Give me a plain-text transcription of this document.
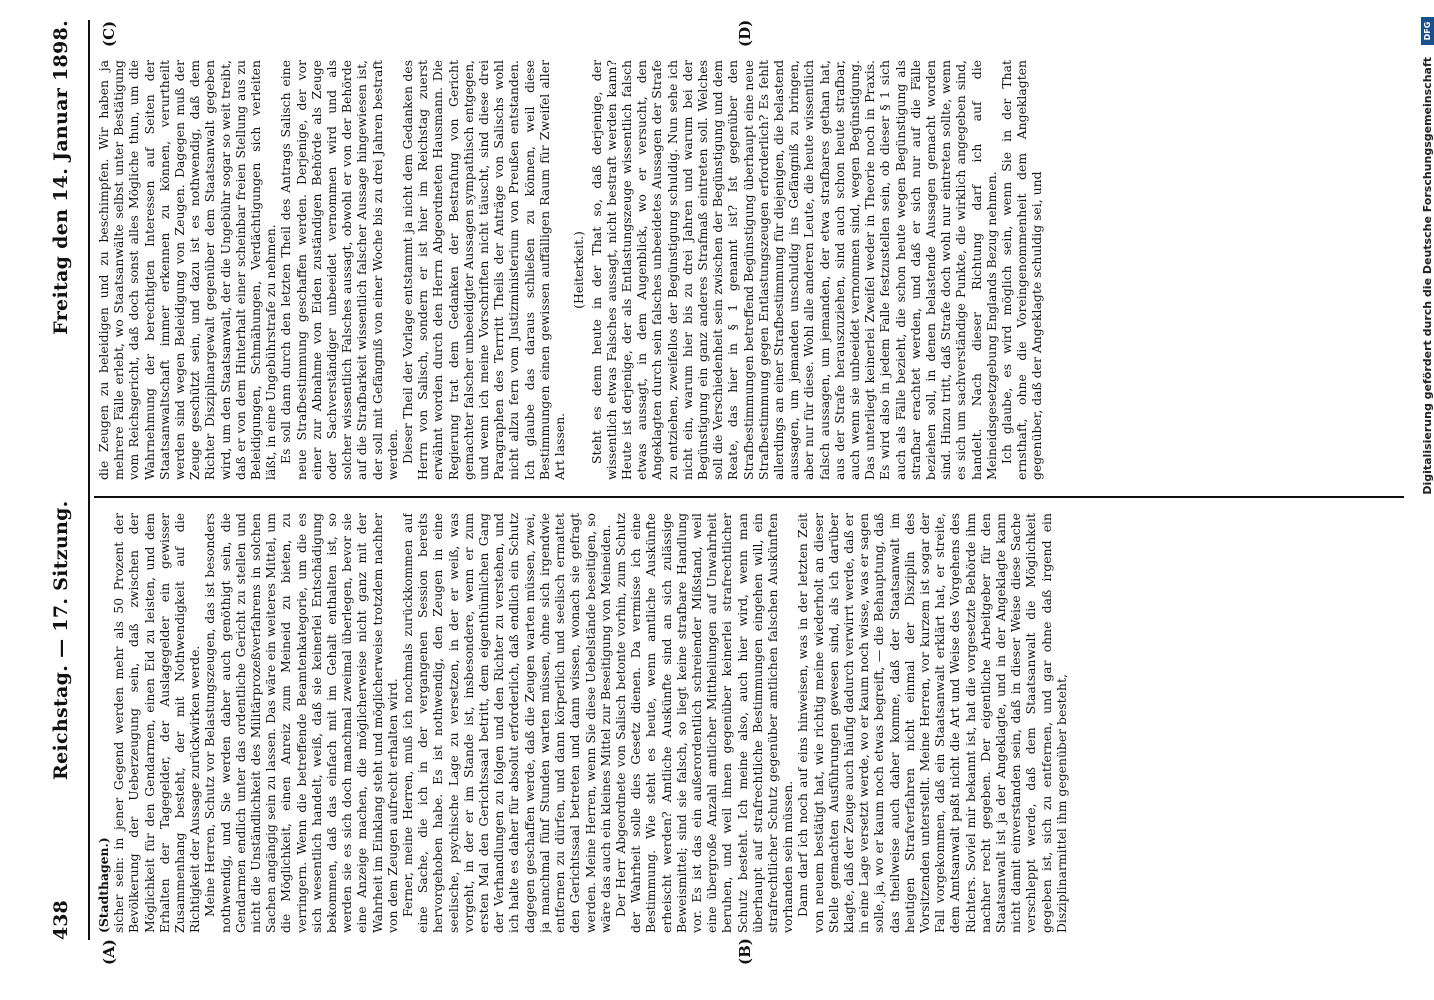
438
Reichstag. — 17. Sitzung.
Freitag den 14. Januar 1898.
(A)	(B)
(C)	(D)

(Stadthagen.) sicher sein: in jener Gegend werden mehr als 50 Prozent der Bevölkerung der Ueberzeugung sein, daß zwischen der Möglichkeit für den Gendarmen, einen Eid zu leisten, und dem Erhalten der Tagegelder, der Auslagegelder ein gewisser Zusammenhang besteht, der mit Nothwendigkeit auf die Richtigkeit der Aussage zurückwirken werde. Meine Herren, Schutz vor Belastungszeugen, das ist besonders nothwendig, und Sie werden daher auch genöthigt sein, die Gendarmen endlich unter das ordentliche Gericht zu stellen und nicht die Unständlichkeit des Militärprozeßverfahrens in solchen Sachen angängig sein zu lassen. Das wäre ein weiteres Mittel, um die Möglichkeit, einen Anreiz zum Meineid zu bieten, zu verringern. Wenn die betreffende Beamtenkategorie, um die es sich wesentlich handelt, weiß, daß sie keinerlei Entschädigung bekommen, daß das einfach mit im Gehalt enthalten ist, so werden sie es sich doch manchmal zweimal überlegen, bevor sie eine Anzeige machen, die möglicherweise nicht ganz mit der Wahrheit im Einklang steht und möglicherweise trotzdem nachher von dem Zeugen aufrecht erhalten wird. Ferner, meine Herren, muß ich nochmals zurückkommen auf eine Sache, die ich in der vergangenen Session bereits hervorgehoben habe. Es ist nothwendig, den Zeugen in eine seelische, psychische Lage zu versetzen, in der er weiß, was vorgeht, in der er im Stande ist, insbesondere, wenn er zum ersten Mal den Gerichtssaal betritt, dem eigenthümlichen Gang der Verhandlungen zu folgen und den Richter zu verstehen, und ich halte es daher für absolut erforderlich, daß endlich ein Schutz dagegen geschaffen werde, daß die Zeugen warten müssen, zwei, ja manchmal fünf Stunden warten müssen, ohne sich irgendwie entfernen zu dürfen, und dann körperlich und seelisch ermattet den Gerichtssaal betreten und dann wissen, wonach sie gefragt werden. Meine Herren, wenn Sie diese Uebelstände beseitigen, so wäre das auch ein kleines Mittel zur Beseitigung von Meineiden. Der Herr Abgeordnete von Salisch betonte vorhin, zum Schutz der Wahrheit solle dies Gesetz dienen. Da vermisse ich eine Bestimmung. Wie steht es heute, wenn amtliche Auskünfte erheischt werden? Amtliche Auskünfte sind an sich zulässige Beweismittel; sind sie falsch, so liegt keine strafbare Handlung vor. Es ist das ein außerordentlich schreiender Mißstand, weil eine übergroße Anzahl amtlicher Mittheilungen auf Unwahrheit beruhen, und weil ihnen gegenüber keinerlei strafrechtlicher Schutz besteht. Ich meine also, auch hier wird, wenn man überhaupt auf strafrechtliche Bestimmungen eingehen will, ein strafrechtlicher Schutz gegenüber amtlichen falschen Auskünften vorhanden sein müssen. Dann darf ich noch auf eins hinweisen, was in der letzten Zeit von neuem bestätigt hat, wie richtig meine wiederholt an dieser Stelle gemachten Ausführungen gewesen sind, als ich darüber klagte, daß der Zeuge auch häufig dadurch verwirrt werde, daß er in eine Lage versetzt werde, wo er kaum noch wisse, was er sagen solle, ja, wo er kaum noch etwas begreift, — die Behauptung, daß das theilweise auch daher komme, daß der Staatsanwalt im heutigen Strafverfahren nicht einmal der Disziplin des Vorsitzenden unterstellt. Meine Herren, vor kurzem ist sogar der Fall vorgekommen, daß ein Staatsanwalt erklärt hat, er streite, dem Amtsanwalt paßt nicht die Art und Weise des Vorgehens des Richters. Soviel mir bekannt ist, hat die vorgesetzte Behörde ihm nachher recht gegeben. Der eigentliche Arbeitgeber für den Staatsanwalt ist ja der Angeklagte, und in der Angeklagte kann nicht damit einverstanden sein, daß in dieser Weise diese Sache verschleppt werde, daß dem Staatsanwalt die Möglichkeit gegeben ist, sich zu entfernen, und gar ohne daß irgend ein Disziplinarmittel ihm gegenüber besteht,

die Zeugen zu beleidigen und zu beschimpfen. Wir haben ja mehrere Fälle erlebt, wo Staatsanwälte selbst unter Bestätigung vom Reichsgericht, daß doch sonst alles Mögliche thun, um die Wahrnehmung der berechtigten Interessen auf Seiten der Staatsanwaltschaft immer erkennen zu können, verurtheilt werden sind wegen Beleidigung von Zeugen. Dagegen muß der Zeuge geschützt sein, und dazu ist es nothwendig, daß dem Richter Disziplinargewalt gegenüber dem Staatsanwalt gegeben wird, um den Staatsanwalt, der die Ungebühr sogar so weit treibt, daß er von dem Hinterhalt einer scheinbar freien Stellung aus zu Beleidigungen, Schmähungen, Verdächtigungen sich verleiten läßt, in eine Ungebührstrafe zu nehmen. Es soll dann durch den letzten Theil des Antrags Salisch eine neue Strafbestimmung geschaffen werden. Derjenige, der vor einer zur Abnahme von Eiden zuständigen Behörde als Zeuge oder Sachverständiger unbeeidet vernommen wird und als solcher wissentlich Falsches aussagt, obwohl er von der Behörde auf die Strafbarkeit wissentlich falscher Aussage hingewiesen ist, der soll mit Gefängniß von einer Woche bis zu drei Jahren bestraft werden. Dieser Theil der Vorlage entstammt ja nicht dem Gedanken des Herrn von Salisch, sondern er ist hier im Reichstag zuerst erwähnt worden durch den Herrn Abgeordneten Hausmann. Die Regierung trat dem Gedanken der Bestrafung von Gericht gemachter falscher unbeeidigter Aussagen sympathisch entgegen, und wenn ich meine Vorschriften nicht täuscht, sind diese drei Paragraphen des Terrritt Theils der Anträge von Salischs wohl nicht allzu fern vom Justizministerium von Preußen entstanden. Ich glaube das daraus schließen zu können, weil diese Bestimmungen einen gewissen auffälligen Raum für Zweifel aller Art lassen.

(Heiterkeit.) Steht es denn heute in der That so, daß derjenige, der wissentlich etwas Falsches aussagt, nicht bestraft werden kann? Heute ist derjenige, der als Entlastungszeuge wissentlich falsch etwas aussagt, in dem Augenblick, wo er versucht, den Angeklagten durch sein falsches unbeeidetes Aussagen der Strafe zu entziehen, zweifellos der Begünstigung schuldig. Nun sehe ich nicht ein, warum hier bis zu drei Jahren und warum bei der Begünstigung ein ganz anderes Strafmaß eintreten soll. Welches soll die Verschiedenheit sein zwischen der Begünstigung und dem Reate, das hier in § 1 genannt ist? Ist gegenüber den Strafbestimmungen betreffend Begünstigung überhaupt eine neue Strafbestimmung gegen Entlastungszeugen erforderlich? Es fehlt allerdings an einer Strafbestimmung für diejenigen, die belastend aussagen, um jemanden unschuldig ins Gefängniß zu bringen, aber nur für diese. Wohl alle anderen Leute, die heute wissentlich falsch aussagen, um jemanden, der etwa strafbares gethan hat, aus der Strafe herauszuziehen, sind auch schon heute strafbar, auch wenn sie unbeeidet vernommen sind, wegen Begünstigung. Das unterliegt keinerlei Zweifel weder in Theorie noch in Praxis. Es wird also in jedem Falle festzustellen sein, ob dieser § 1 sich auch als Fälle bezieht, die schon heute wegen Begünstigung als strafbar erachtet werden, und daß er sich nur auf die Fälle beziehen soll, in denen belastende Aussagen gemacht worden sind. Hinzu tritt, daß Strafe doch wohl nur eintreten sollte, wenn es sich um sachverständige Punkte, die wirklich angegeben sind, handelt. Nach dieser Richtung darf ich auf die Meineidsgesetzgebung Englands Bezug nehmen. Ich glaube, es wird möglich sein, wenn Sie in der That ernsthaft, ohne die Voreingenommenheit dem Angeklagten gegenüber, daß der Angeklagte schuldig sei, und

DFG
Digitalisierung gefördert durch die Deutsche Forschungsgemeinschaft
